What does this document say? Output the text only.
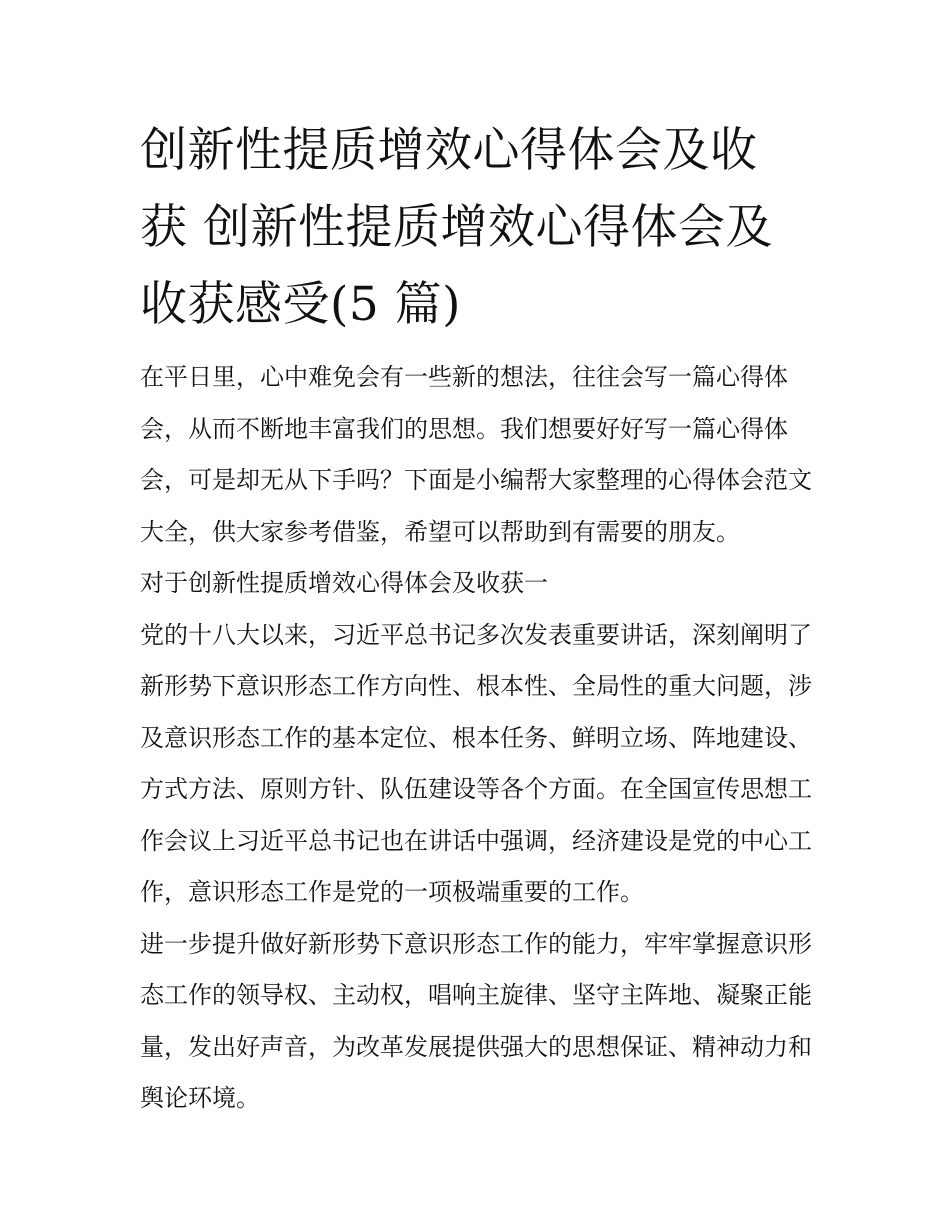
创新性提质增效心得体会及收
获 创新性提质增效心得体会及
收获感受(5 篇)

在平日里，心中难免会有一些新的想法，往往会写一篇心得体会，从而不断地丰富我们的思想。我们想要好好写一篇心得体会，可是却无从下手吗？下面是小编帮大家整理的心得体会范文大全，供大家参考借鉴，希望可以帮助到有需要的朋友。

对于创新性提质增效心得体会及收获一

党的十八大以来，习近平总书记多次发表重要讲话，深刻阐明了新形势下意识形态工作方向性、根本性、全局性的重大问题，涉及意识形态工作的基本定位、根本任务、鲜明立场、阵地建设、方式方法、原则方针、队伍建设等各个方面。在全国宣传思想工作会议上习近平总书记也在讲话中强调，经济建设是党的中心工作，意识形态工作是党的一项极端重要的工作。

进一步提升做好新形势下意识形态工作的能力，牢牢掌握意识形态工作的领导权、主动权，唱响主旋律、坚守主阵地、凝聚正能量，发出好声音，为改革发展提供强大的思想保证、精神动力和舆论环境。
